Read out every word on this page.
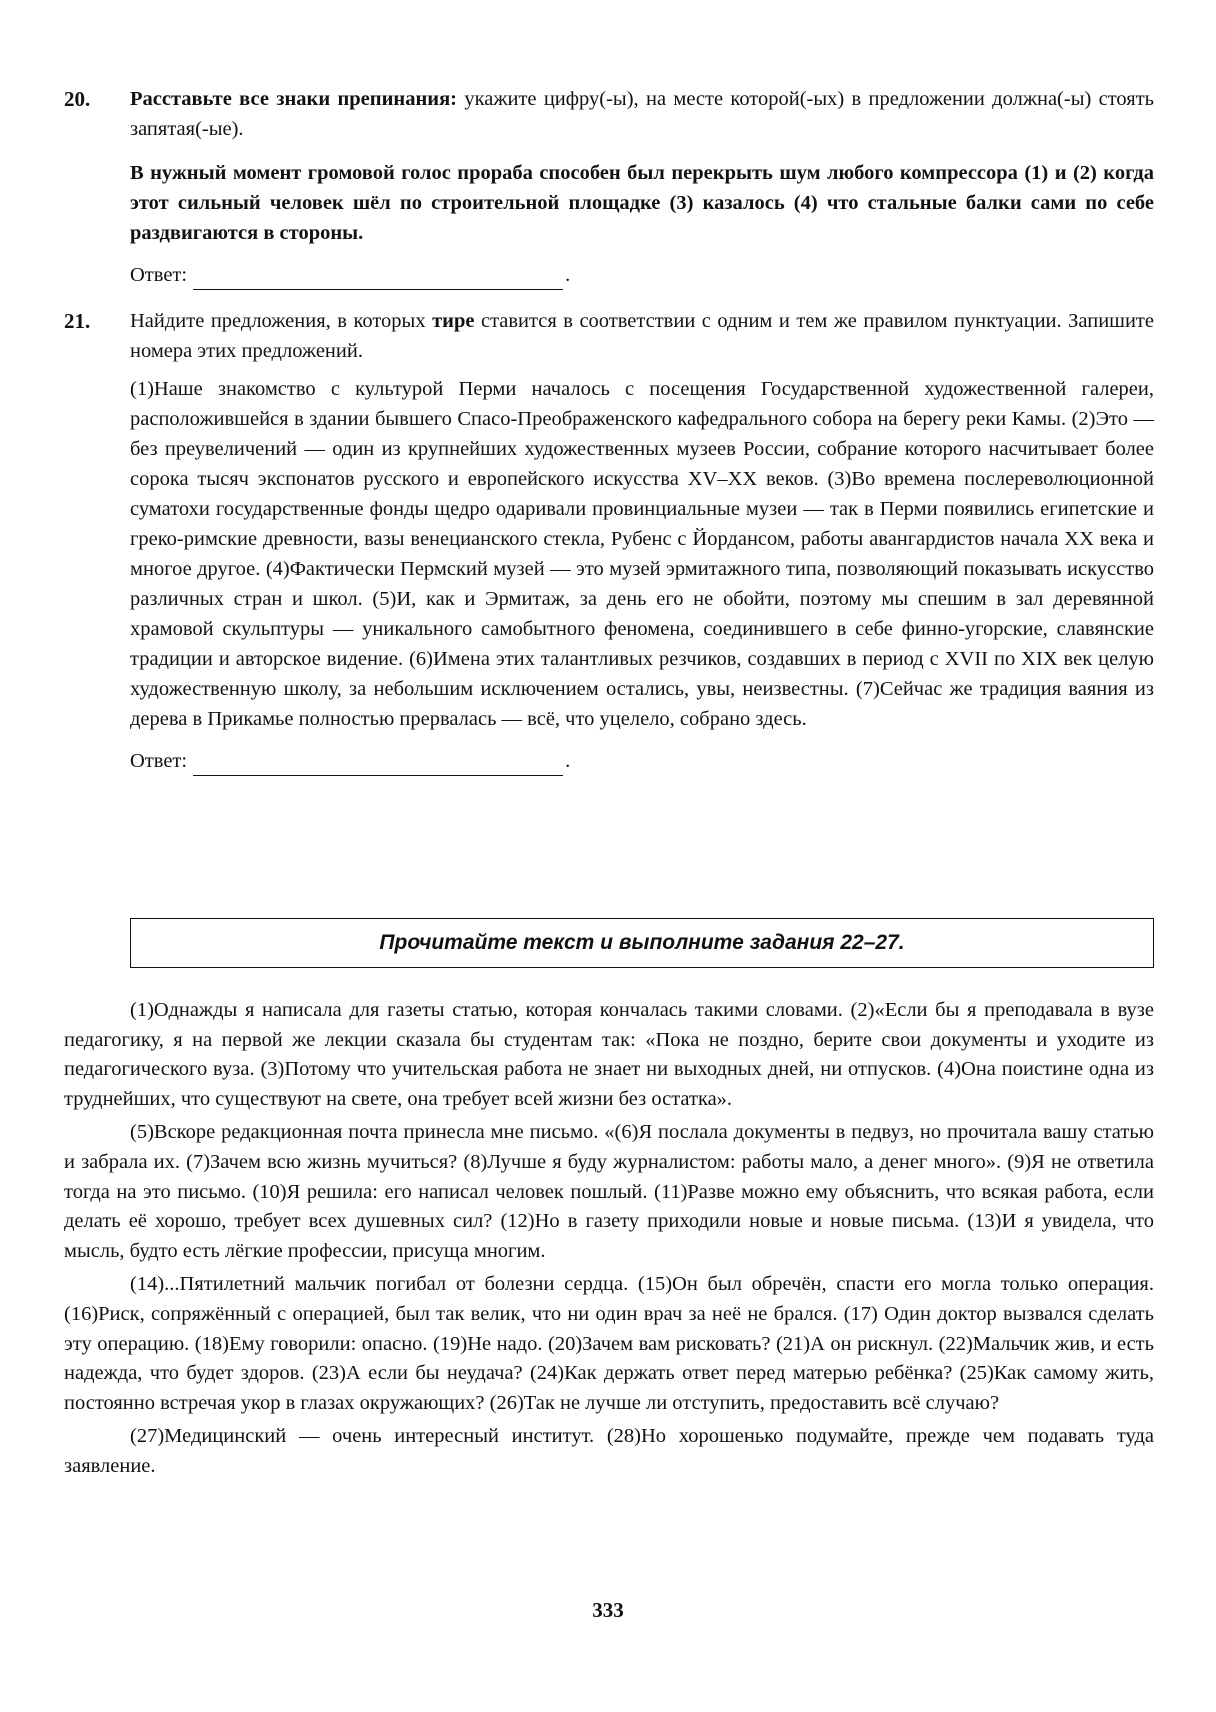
20. Расставьте все знаки препинания: укажите цифру(-ы), на месте которой(-ых) в предложении должна(-ы) стоять запятая(-ые).

В нужный момент громовой голос прораба способен был перекрыть шум любого компрессора (1) и (2) когда этот сильный человек шёл по строительной площадке (3) казалось (4) что стальные балки сами по себе раздвигаются в стороны.

Ответ:	.
21. Найдите предложения, в которых тире ставится в соответствии с одним и тем же правилом пунктуации. Запишите номера этих предложений.

(1)Наше знакомство с культурой Перми началось с посещения Государственной художественной галереи, расположившейся в здании бывшего Спасо-Преображенского кафедрального собора на берегу реки Камы. (2)Это — без преувеличений — один из крупнейших художественных музеев России, собрание которого насчитывает более сорока тысяч экспонатов русского и европейского искусства XV–XX веков. (3)Во времена послереволюционной суматохи государственные фонды щедро одаривали провинциальные музеи — так в Перми появились египетские и греко-римские древности, вазы венецианского стекла, Рубенс с Йордансом, работы авангардистов начала XX века и многое другое. (4)Фактически Пермский музей — это музей эрмитажного типа, позволяющий показывать искусство различных стран и школ. (5)И, как и Эрмитаж, за день его не обойти, поэтому мы спешим в зал деревянной храмовой скульптуры — уникального самобытного феномена, соединившего в себе финно-угорские, славянские традиции и авторское видение. (6)Имена этих талантливых резчиков, создавших в период с XVII по XIX век целую художественную школу, за небольшим исключением остались, увы, неизвестны. (7)Сейчас же традиция ваяния из дерева в Прикамье полностью прервалась — всё, что уцелело, собрано здесь.

Ответ:	.
Прочитайте текст и выполните задания 22–27.

(1)Однажды я написала для газеты статью, которая кончалась такими словами. (2)«Если бы я преподавала в вузе педагогику, я на первой же лекции сказала бы студентам так: «Пока не поздно, берите свои документы и уходите из педагогического вуза. (3)Потому что учительская работа не знает ни выходных дней, ни отпусков. (4)Она поистине одна из труднейших, что существуют на свете, она требует всей жизни без остатка».

(5)Вскоре редакционная почта принесла мне письмо. «(6)Я послала документы в педвуз, но прочитала вашу статью и забрала их. (7)Зачем всю жизнь мучиться? (8)Лучше я буду журналистом: работы мало, а денег много». (9)Я не ответила тогда на это письмо. (10)Я решила: его написал человек пошлый. (11)Разве можно ему объяснить, что всякая работа, если делать её хорошо, требует всех душевных сил? (12)Но в газету приходили новые и новые письма. (13)И я увидела, что мысль, будто есть лёгкие профессии, присуща многим.

(14)...Пятилетний мальчик погибал от болезни сердца. (15)Он был обречён, спасти его могла только операция. (16)Риск, сопряжённый с операцией, был так велик, что ни один врач за неё не брался. (17) Один доктор вызвался сделать эту операцию. (18)Ему говорили: опасно. (19)Не надо. (20)Зачем вам рисковать? (21)А он рискнул. (22)Мальчик жив, и есть надежда, что будет здоров. (23)А если бы неудача? (24)Как держать ответ перед матерью ребёнка? (25)Как самому жить, постоянно встречая укор в глазах окружающих? (26)Так не лучше ли отступить, предоставить всё случаю?

(27)Медицинский — очень интересный институт. (28)Но хорошенько подумайте, прежде чем подавать туда заявление.

333
